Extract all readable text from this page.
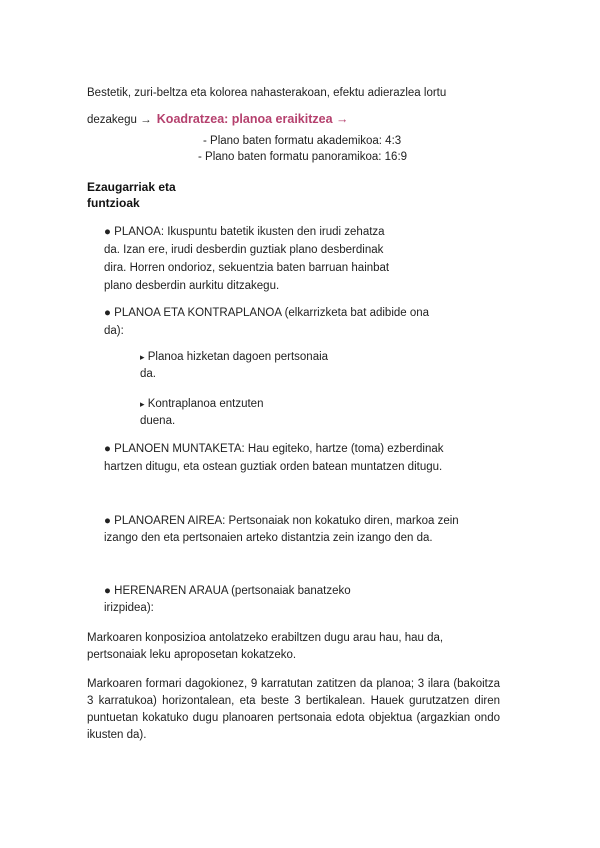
Bestetik, zuri-beltza eta kolorea nahasterakoan, efektu adierazlea lortu
dezakegu → Koadratzea: planoa eraikitzea →
- Plano baten formatu akademikoa: 4:3
- Plano baten formatu panoramikoa: 16:9
Ezaugarriak eta
funtzioak
● PLANOA: Ikuspuntu batetik ikusten den irudi zehatza
da. Izan ere, irudi desberdin guztiak plano desberdinak
dira. Horren ondorioz, sekuentzia baten barruan hainbat
plano desberdin aurkitu ditzakegu.
● PLANOA ETA KONTRAPLANOA (elkarrizketa bat adibide ona
da):
▸ Planoa hizketan dagoen pertsonaia
da.
▸ Kontraplanoa entzuten
duena.
● PLANOEN MUNTAKETA: Hau egiteko, hartze (toma) ezberdinak
hartzen ditugu, eta ostean guztiak orden batean muntatzen ditugu.
● PLANOAREN AIREA: Pertsonaiak non kokatuko diren, markoa zein
izango den eta pertsonaien arteko distantzia zein izango den da.
● HERENAREN ARAUA (pertsonaiak banatzeko
irizpidea):
Markoaren konposizioa antolatzeko erabiltzen dugu arau hau, hau da,
pertsonaiak leku aproposetan kokatzeko.
Markoaren formari dagokionez, 9 karratutan zatitzen da planoa; 3 ilara (bakoitza 3 karratukoa) horizontalean, eta beste 3 bertikalean. Hauek gurutzatzen diren puntuetan kokatuko dugu planoaren pertsonaia edota objektua (argazkian ondo ikusten da).
